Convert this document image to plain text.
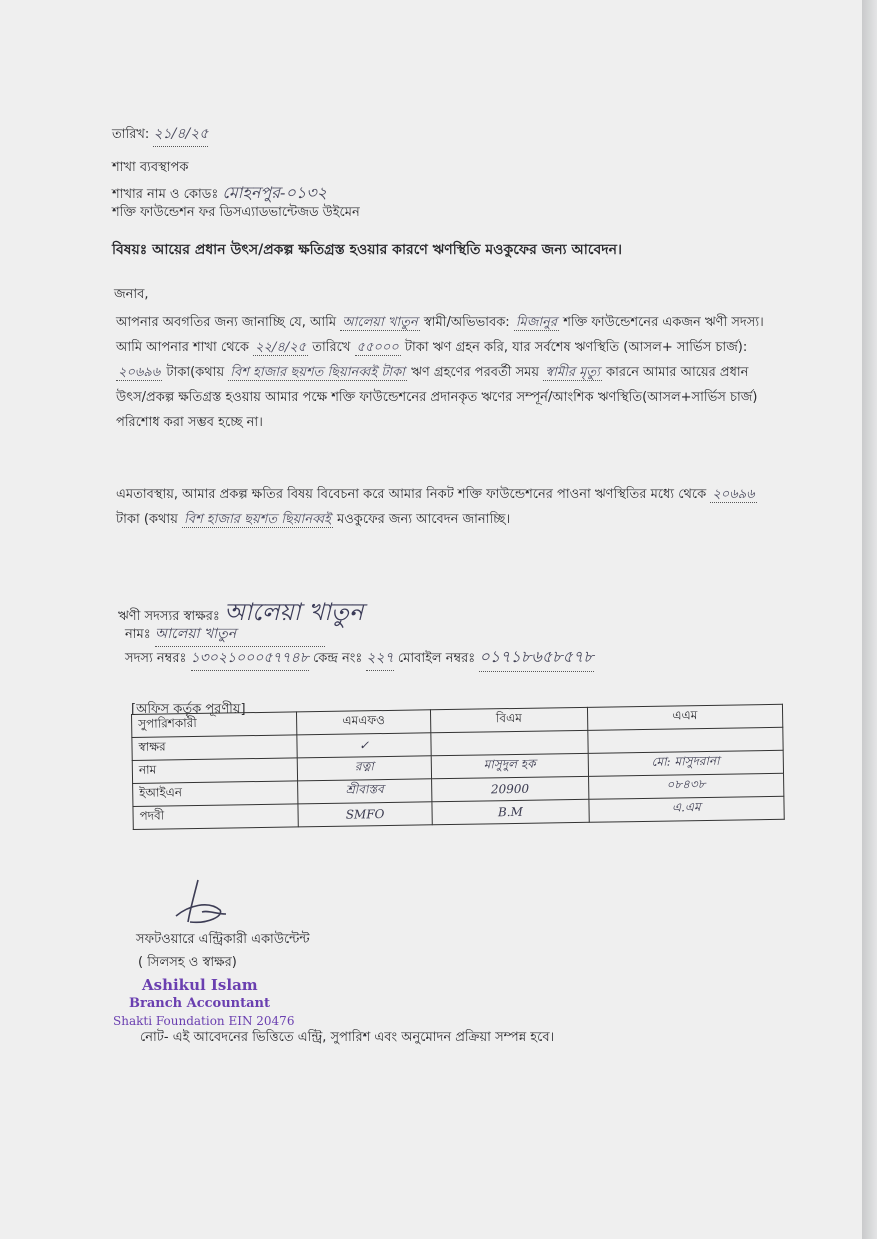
তারিখ: ২১/৪/২৫
শাখা ব্যবস্থাপক
শাখার নাম ও কোডঃ মোহনপুর-০১৩২
শক্তি ফাউন্ডেশন ফর ডিসএ্যাডভান্টেজড উইমেন
বিষয়ঃ আয়ের প্রধান উৎস/প্রকল্প ক্ষতিগ্রস্ত হওয়ার কারণে ঋণস্থিতি মওকুফের জন্য আবেদন।
জনাব,
আপনার অবগতির জন্য জানাচ্ছি যে, আমি আলেয়া খাতুন স্বামী/অভিভাবক: মিজানুর শক্তি ফাউন্ডেশনের একজন ঋণী সদস্য। আমি আপনার শাখা থেকে ২২/৪/২৫ তারিখে ৫৫০০০ টাকা ঋণ গ্রহন করি, যার সর্বশেষ ঋণস্থিতি (আসল+ সার্ভিস চার্জ): ২০৬৯৬ টাকা(কথায় বিশ হাজার ছয়শত ছিয়ানব্বই টাকা ঋণ গ্রহণের পরবর্তী সময় স্বামীর মৃত্যু কারনে আমার আয়ের প্রধান উৎস/প্রকল্প ক্ষতিগ্রস্ত হওয়ায় আমার পক্ষে শক্তি ফাউন্ডেশনের প্রদানকৃত ঋণের সম্পূর্ন/আংশিক ঋণস্থিতি(আসল+সার্ভিস চার্জ) পরিশোধ করা সম্ভব হচ্ছে না।
এমতাবস্থায়, আমার প্রকল্প ক্ষতির বিষয় বিবেচনা করে আমার নিকট শক্তি ফাউন্ডেশনের পাওনা ঋণস্থিতির মধ্যে থেকে ২০৬৯৬ টাকা (কথায় বিশ হাজার ছয়শত ছিয়ানব্বই মওকুফের জন্য আবেদন জানাচ্ছি।
ঋণী সদস্যর স্বাক্ষরঃ আলেয়া খাতুন
নামঃ আলেয়া খাতুন
সদস্য নম্বরঃ ১৩০২১০০০৫৭৭৪৮ কেন্দ্র নংঃ ২২৭ মোবাইল নম্বরঃ ০১৭১৮৬৫৮৫৭৮
[অফিস কর্তৃক পূরণীয়]
সুপারিশকারী	এমএফও	বিএম	এএম
স্বাক্ষর	✓		
নাম	রত্না	মাসুদুল হক	মো: মাসুদরানা
ইআইএন	শ্রীবাস্তব	20900	০৮৪৩৮
পদবী	SMFO	B.M	এ.এম
সফটওয়ারে এন্ট্রিকারী একাউন্টেন্ট
( সিলসহ ও স্বাক্ষর)
Ashikul Islam
Branch Accountant
Shakti Foundation EIN 20476
নোট- এই আবেদনের ভিত্তিতে এন্ট্রি, সুপারিশ এবং অনুমোদন প্রক্রিয়া সম্পন্ন হবে।
